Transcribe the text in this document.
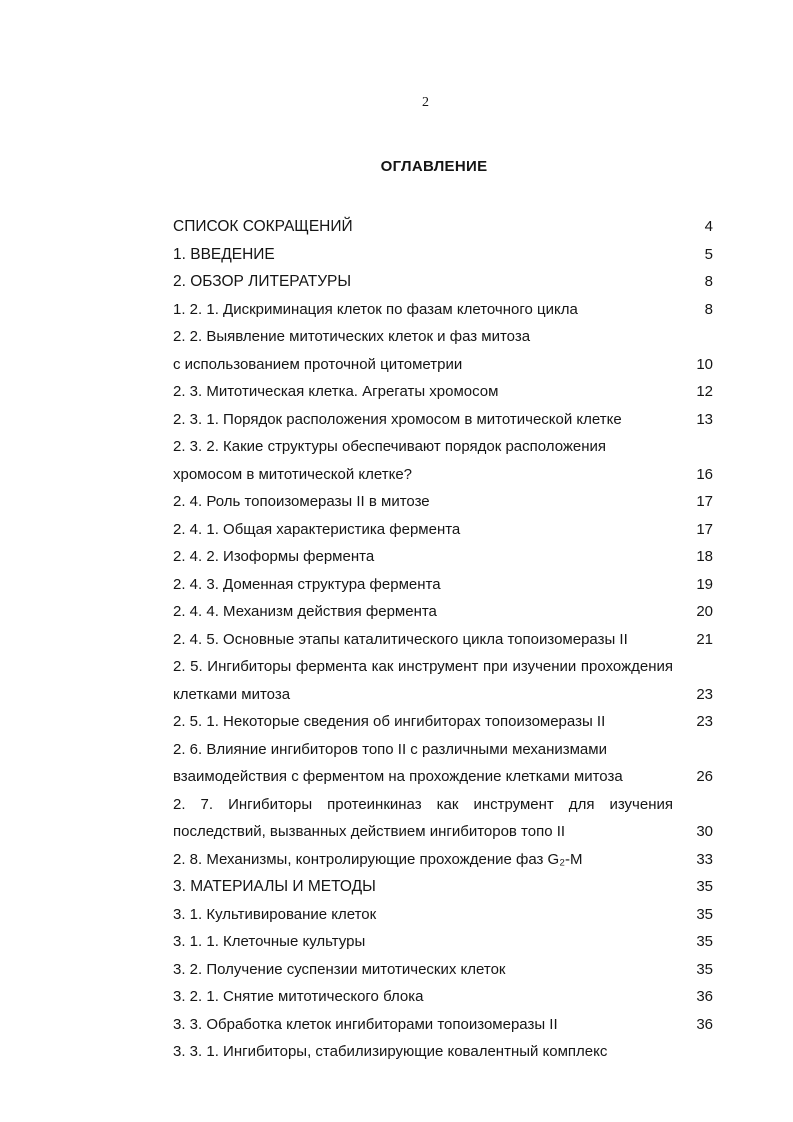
2
ОГЛАВЛЕНИЕ
СПИСОК СОКРАЩЕНИЙ	4
1. ВВЕДЕНИЕ	5
2. ОБЗОР ЛИТЕРАТУРЫ	8
1. 2. 1. Дискриминация клеток по фазам клеточного цикла	8
2. 2. Выявление митотических клеток и фаз митоза
с использованием проточной цитометрии	10
2. 3. Митотическая клетка. Агрегаты хромосом	12
2. 3. 1. Порядок расположения хромосом в митотической клетке	13
2. 3. 2. Какие структуры обеспечивают порядок расположения
хромосом в митотической клетке?	16
2. 4. Роль топоизомеразы II в митозе	17
2. 4. 1. Общая характеристика фермента	17
2. 4. 2. Изоформы фермента	18
2. 4. 3. Доменная структура фермента	19
2. 4. 4. Механизм действия фермента	20
2. 4. 5. Основные этапы каталитического цикла топоизомеразы II	21
2. 5. Ингибиторы фермента как инструмент при изучении прохождения
клетками митоза	23
2. 5. 1. Некоторые сведения об ингибиторах топоизомеразы II	23
2. 6. Влияние ингибиторов топо II с различными механизмами
взаимодействия с ферментом на прохождение клетками митоза	26
2. 7. Ингибиторы протеинкиназ как инструмент для изучения
последствий, вызванных действием ингибиторов топо II	30
2. 8. Механизмы, контролирующие прохождение фаз G₂-M	33
3. МАТЕРИАЛЫ И МЕТОДЫ	35
3. 1. Культивирование клеток	35
3. 1. 1. Клеточные культуры	35
3. 2. Получение суспензии митотических клеток	35
3. 2. 1. Снятие митотического блока	36
3. 3. Обработка клеток ингибиторами топоизомеразы II	36
3. 3. 1. Ингибиторы, стабилизирующие ковалентный комплекс
